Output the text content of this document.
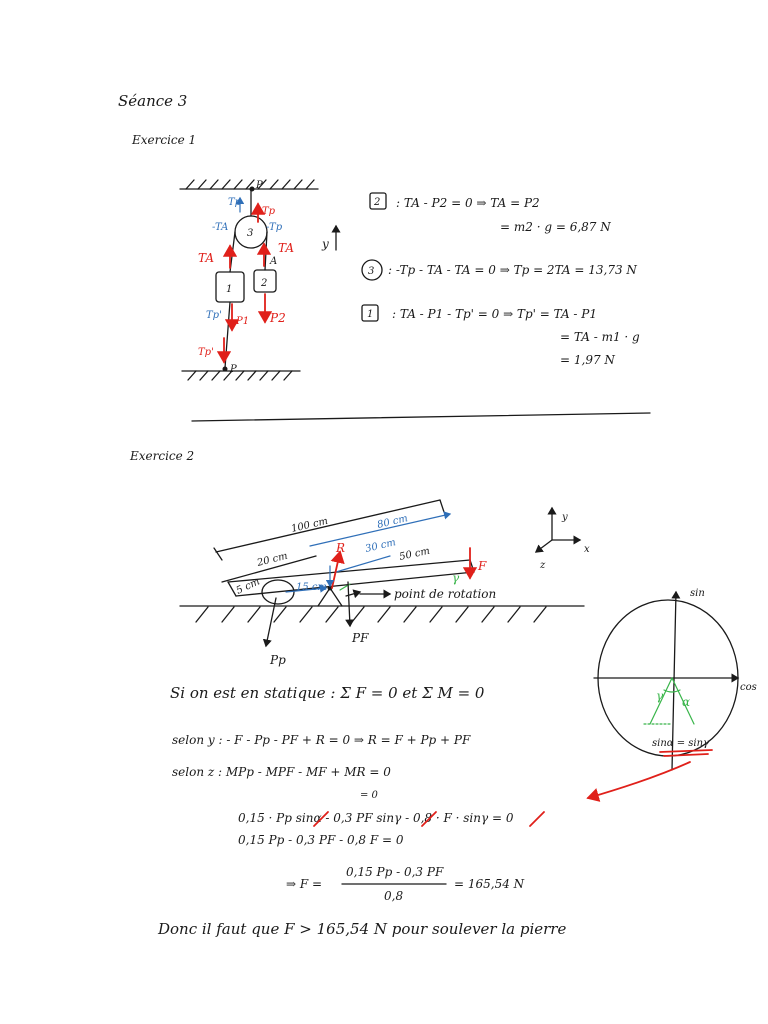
Séance 3
Exercice 1
P
P
3
1
2
A
Tp
-TA	-Tp
Tp'
Tp
TA
TA
P1 P2
Tp'
y
2 : TA - P2 = 0 ⇒ TA = P2
= m2 · g = 6,87 N
3 : -Tp - TA - TA = 0 ⇒ Tp = 2TA = 13,73 N
1 : TA - P1 - Tp' = 0 ⇒ Tp' = TA - P1
= TA - m1 · g
= 1,97 N
Exercice 2
100 cm	80 cm
20 cm
30 cm 50 cm
5 cm
Pp
15 cm	point de rotation
R
PF
F
γ
y
x
z
sin
cos
γ α
sinα = sinγ
Si on est en statique : Σ F = 0 et Σ M = 0
selon y : - F - Pp - PF + R = 0 ⇒ R = F + Pp + PF
selon z : MPp - MPF - MF + MR = 0
= 0
0,15 · Pp sinα - 0,3 PF sinγ - 0,8 · F · sinγ = 0
0,15 Pp - 0,3 PF - 0,8 F = 0
⇒ F =
0,15 Pp - 0,3 PF
0,8
= 165,54 N
Donc il faut que F > 165,54 N pour soulever la pierre
